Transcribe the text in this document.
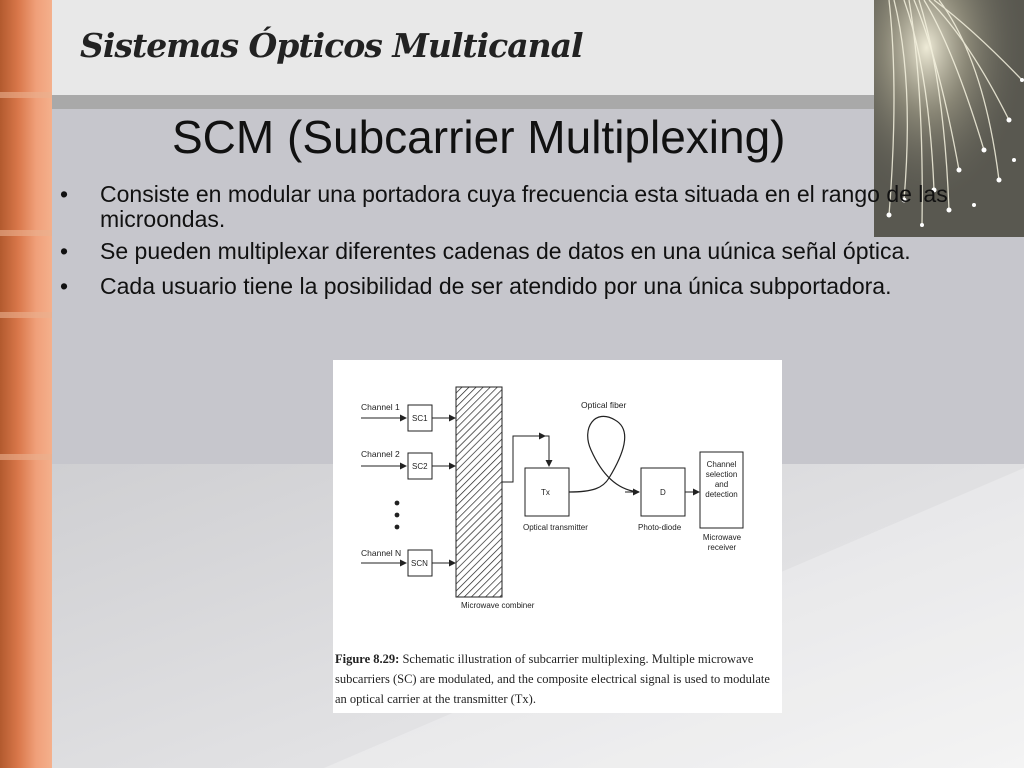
Sistemas Ópticos Multicanal
SCM (Subcarrier Multiplexing)
• Consiste en modular una portadora cuya frecuencia esta situada en el rango de las microondas.
• Se pueden multiplexar diferentes cadenas de datos en una uúnica señal óptica.
• Cada usuario tiene la posibilidad de ser atendido por una única subportadora.
Channel 1
Channel 2
Channel N
SC1
SC2
SCN
Microwave combiner
Tx
Optical transmitter
Optical fiber
D
Photo-diode
Channel selection and detection
Microwave receiver
Figure 8.29: Schematic illustration of subcarrier multiplexing. Multiple microwave subcarriers (SC) are modulated, and the composite electrical signal is used to modulate an optical carrier at the transmitter (Tx).
